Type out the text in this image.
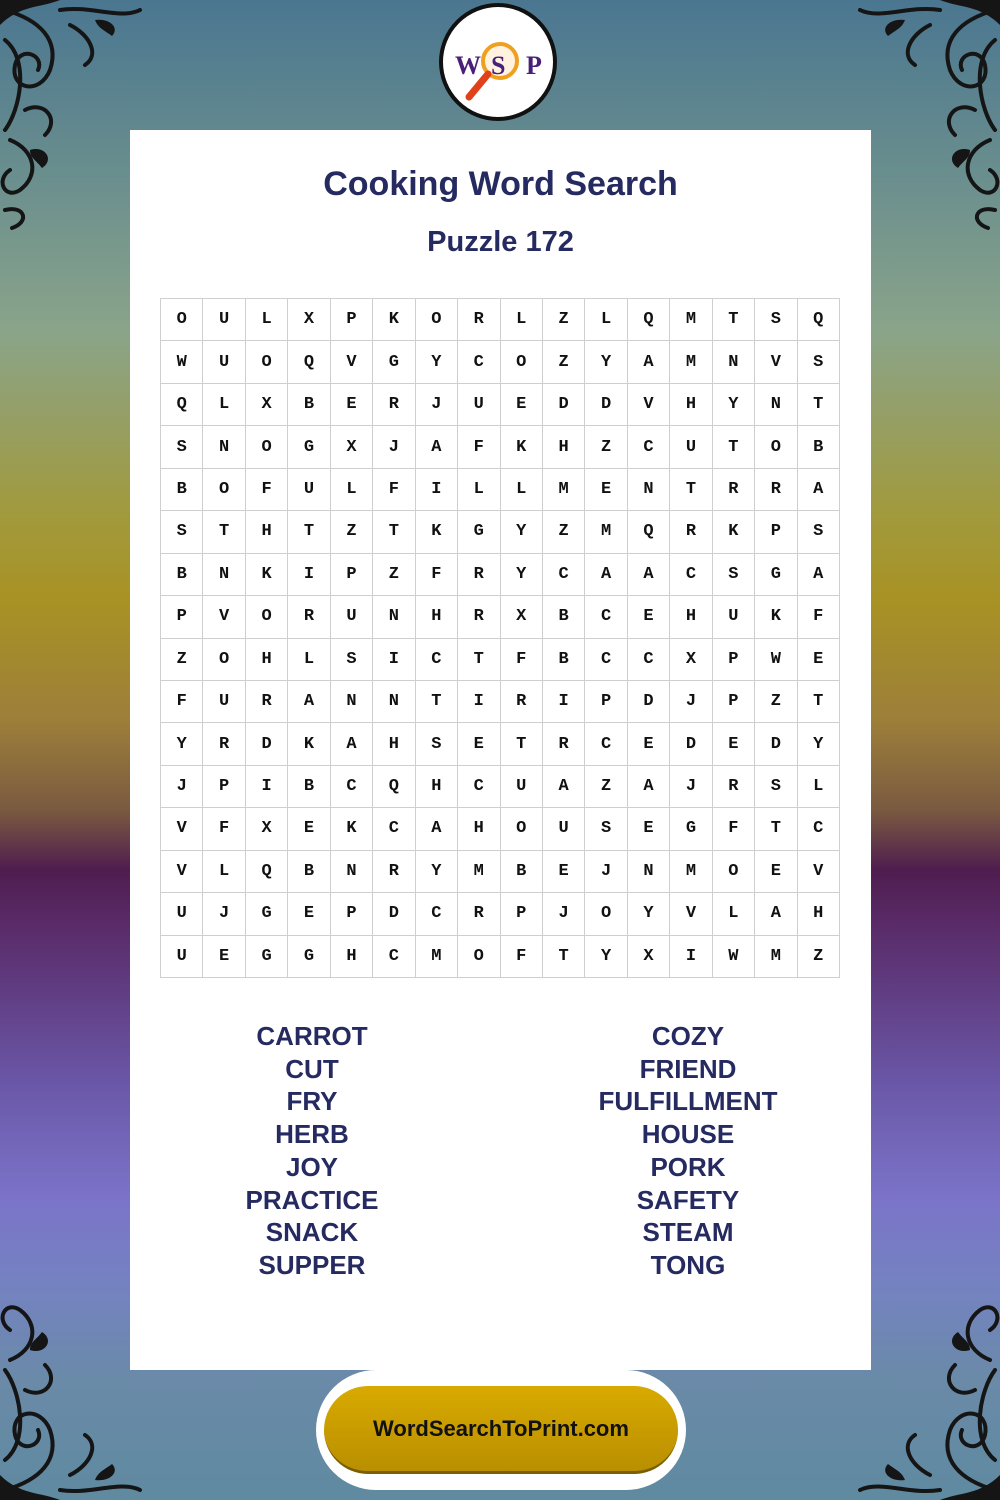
W S P
Cooking Word Search
Puzzle 172
O	U	L	X	P	K	O	R	L	Z	L	Q	M	T	S	Q
W	U	O	Q	V	G	Y	C	O	Z	Y	A	M	N	V	S
Q	L	X	B	E	R	J	U	E	D	D	V	H	Y	N	T
S	N	O	G	X	J	A	F	K	H	Z	C	U	T	O	B
B	O	F	U	L	F	I	L	L	M	E	N	T	R	R	A
S	T	H	T	Z	T	K	G	Y	Z	M	Q	R	K	P	S
B	N	K	I	P	Z	F	R	Y	C	A	A	C	S	G	A
P	V	O	R	U	N	H	R	X	B	C	E	H	U	K	F
Z	O	H	L	S	I	C	T	F	B	C	C	X	P	W	E
F	U	R	A	N	N	T	I	R	I	P	D	J	P	Z	T
Y	R	D	K	A	H	S	E	T	R	C	E	D	E	D	Y
J	P	I	B	C	Q	H	C	U	A	Z	A	J	R	S	L
V	F	X	E	K	C	A	H	O	U	S	E	G	F	T	C
V	L	Q	B	N	R	Y	M	B	E	J	N	M	O	E	V
U	J	G	E	P	D	C	R	P	J	O	Y	V	L	A	H
U	E	G	G	H	C	M	O	F	T	Y	X	I	W	M	Z
CARROT
CUT
FRY
HERB
JOY
PRACTICE
SNACK
SUPPER
COZY
FRIEND
FULFILLMENT
HOUSE
PORK
SAFETY
STEAM
TONG
WordSearchToPrint.com
